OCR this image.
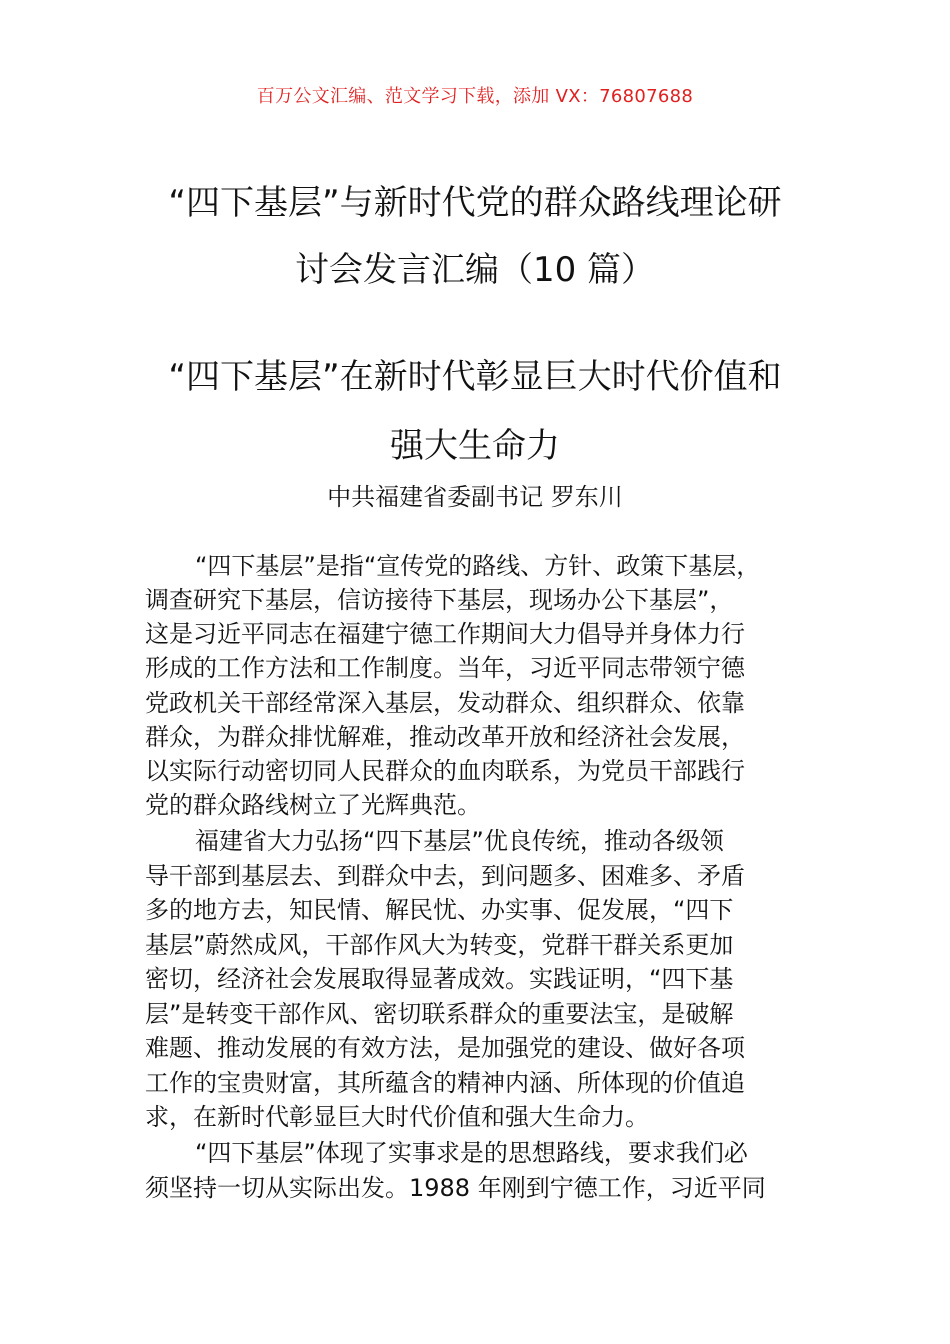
百万公文汇编、范文学习下载，添加 VX：76807688
“四下基层”与新时代党的群众路线理论研
讨会发言汇编（10 篇）
“四下基层”在新时代彰显巨大时代价值和
强大生命力
中共福建省委副书记 罗东川
“四下基层”是指“宣传党的路线、方针、政策下基层，
调查研究下基层，信访接待下基层，现场办公下基层”，
这是习近平同志在福建宁德工作期间大力倡导并身体力行
形成的工作方法和工作制度。当年，习近平同志带领宁德
党政机关干部经常深入基层，发动群众、组织群众、依靠
群众，为群众排忧解难，推动改革开放和经济社会发展，
以实际行动密切同人民群众的血肉联系，为党员干部践行
党的群众路线树立了光辉典范。
福建省大力弘扬“四下基层”优良传统，推动各级领
导干部到基层去、到群众中去，到问题多、困难多、矛盾
多的地方去，知民情、解民忧、办实事、促发展，“四下
基层”蔚然成风，干部作风大为转变，党群干群关系更加
密切，经济社会发展取得显著成效。实践证明，“四下基
层”是转变干部作风、密切联系群众的重要法宝，是破解
难题、推动发展的有效方法，是加强党的建设、做好各项
工作的宝贵财富，其所蕴含的精神内涵、所体现的价值追
求，在新时代彰显巨大时代价值和强大生命力。
“四下基层”体现了实事求是的思想路线，要求我们必
须坚持一切从实际出发。1988 年刚到宁德工作，习近平同
